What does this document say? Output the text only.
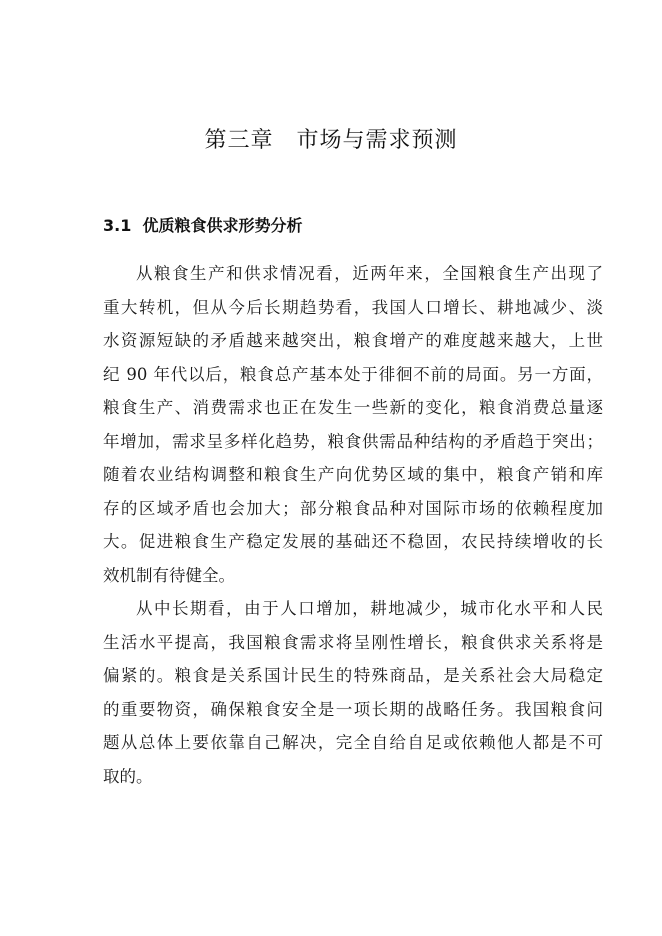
第三章　市场与需求预测
3.1 优质粮食供求形势分析
从粮食生产和供求情况看，近两年来，全国粮食生产出现了
重大转机，但从今后长期趋势看，我国人口增长、耕地减少、淡
水资源短缺的矛盾越来越突出，粮食增产的难度越来越大，上世
纪 90 年代以后，粮食总产基本处于徘徊不前的局面。另一方面，
粮食生产、消费需求也正在发生一些新的变化，粮食消费总量逐
年增加，需求呈多样化趋势，粮食供需品种结构的矛盾趋于突出；
随着农业结构调整和粮食生产向优势区域的集中，粮食产销和库
存的区域矛盾也会加大；部分粮食品种对国际市场的依赖程度加
大。促进粮食生产稳定发展的基础还不稳固，农民持续增收的长
效机制有待健全。
从中长期看，由于人口增加，耕地减少，城市化水平和人民
生活水平提高，我国粮食需求将呈刚性增长，粮食供求关系将是
偏紧的。粮食是关系国计民生的特殊商品，是关系社会大局稳定
的重要物资，确保粮食安全是一项长期的战略任务。我国粮食问
题从总体上要依靠自己解决，完全自给自足或依赖他人都是不可
取的。
